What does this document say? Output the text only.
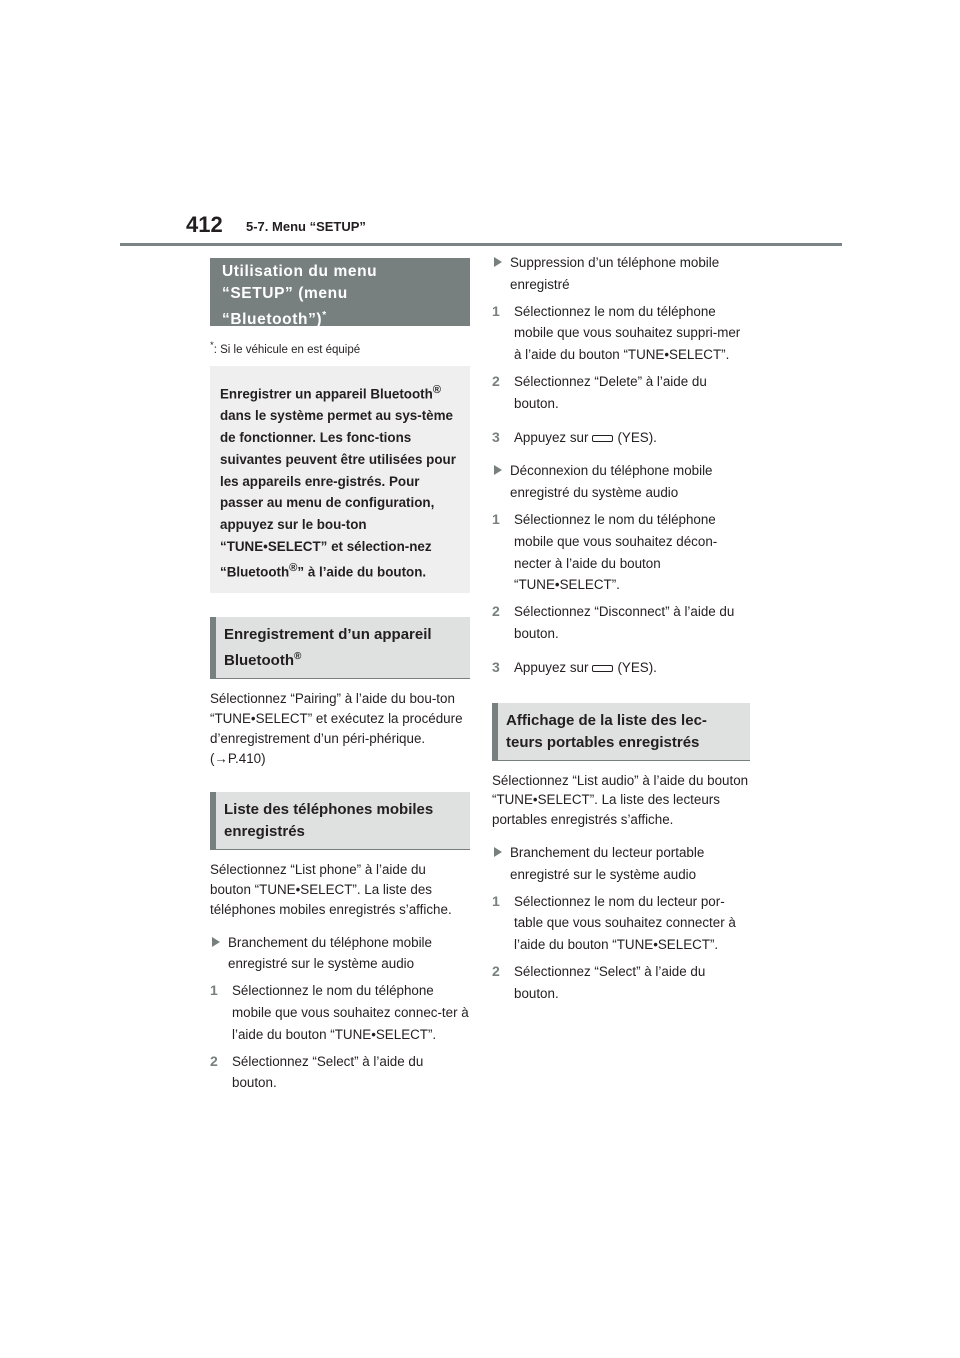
412 5-7. Menu “SETUP”
Utilisation du menu
“SETUP” (menu
“Bluetooth”)*
*: Si le véhicule en est équipé
Enregistrer un appareil Bluetooth® dans le système permet au sys-tème de fonctionner. Les fonc-tions suivantes peuvent être utilisées pour les appareils enre-gistrés. Pour passer au menu de configuration, appuyez sur le bou-ton “TUNE•SELECT” et sélection-nez “Bluetooth®” à l’aide du bouton.
Enregistrement d’un appareil Bluetooth®

Sélectionnez “Pairing” à l’aide du bou-ton “TUNE•SELECT” et exécutez la procédure d’enregistrement d’un péri-phérique. (→P.410)

Liste des téléphones mobiles enregistrés

Sélectionnez “List phone” à l’aide du bouton “TUNE•SELECT”. La liste des téléphones mobiles enregistrés s’affiche.

Branchement du téléphone mobile enregistré sur le système audio
1 Sélectionnez le nom du téléphone mobile que vous souhaitez connec-ter à l’aide du bouton “TUNE•SELECT”.
2 Sélectionnez “Select” à l’aide du bouton.
Suppression d’un téléphone mobile enregistré
1 Sélectionnez le nom du téléphone mobile que vous souhaitez suppri-mer à l’aide du bouton “TUNE•SELECT”.
2 Sélectionnez “Delete” à l’aide du bouton.
3 Appuyez sur (YES).
Déconnexion du téléphone mobile enregistré du système audio
1 Sélectionnez le nom du téléphone mobile que vous souhaitez décon-necter à l’aide du bouton “TUNE•SELECT”.
2 Sélectionnez “Disconnect” à l’aide du bouton.
3 Appuyez sur (YES).
Affichage de la liste des lec-teurs portables enregistrés

Sélectionnez “List audio” à l’aide du bouton “TUNE•SELECT”. La liste des lecteurs portables enregistrés s’affiche.

Branchement du lecteur portable enregistré sur le système audio
1 Sélectionnez le nom du lecteur por-table que vous souhaitez connecter à l’aide du bouton “TUNE•SELECT”.
2 Sélectionnez “Select” à l’aide du bouton.
